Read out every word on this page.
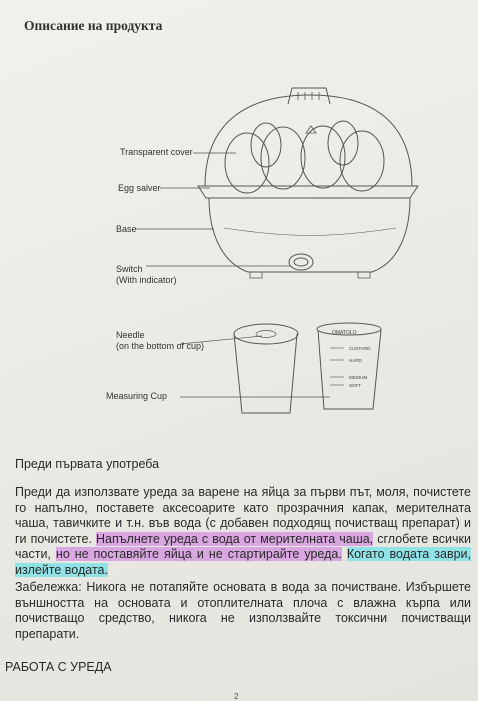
Описание на продукта
OMATOLO
CUSTARD
HARD
MEDIUM
SOFT
Transparent cover
Egg salver
Base
Switch
(With indicator)
Needle
(on the bottom of cup)
Measuring Cup
Преди първата употреба
Преди да използвате уреда за варене на яйца за първи път, моля, почистете го напълно, поставете аксесоарите като прозрачния капак, мерителната чаша, тавичките и т.н. във вода (с добавен подходящ почистващ препарат) и ги почистете. Напълнете уреда с вода от мерителната чаша, сглобете всички части, но не поставяйте яйца и не стартирайте уреда. Когато водата заври, излейте водата.
Забележка: Никога не потапяйте основата в вода за почистване. Избършете външността на основата и отоплителната плоча с влажна кърпа или почистващо средство, никога не използвайте токсични почистващи препарати.
РАБОТА С УРЕДА
2
